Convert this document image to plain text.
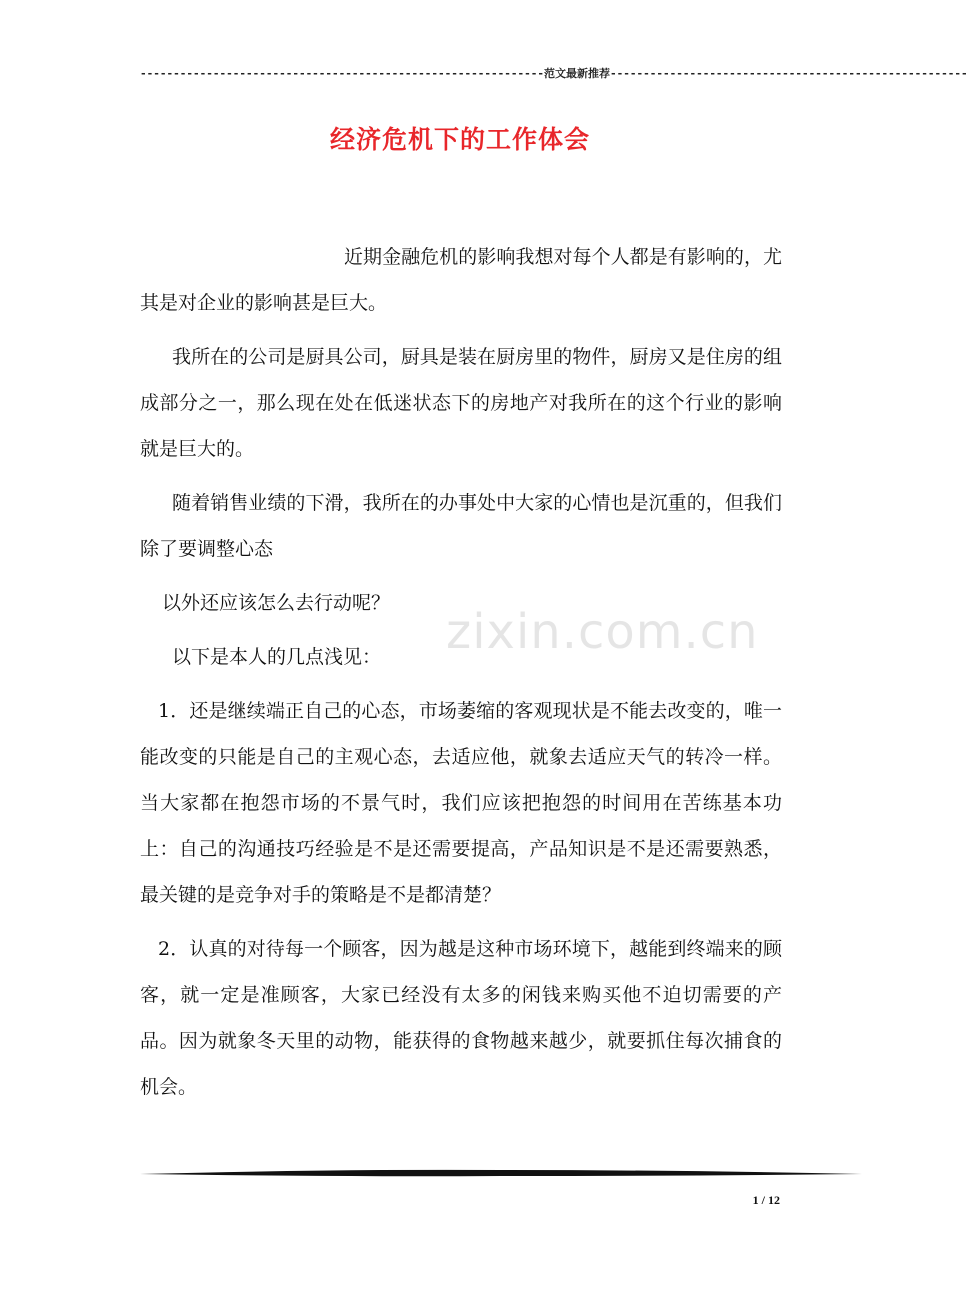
-------------------------------------------------------------范文最新推荐------------------------------------------------------
经济危机下的工作体会

近期金融危机的影响我想对每个人都是有影响的，尤其是对企业的影响甚是巨大。

我所在的公司是厨具公司，厨具是装在厨房里的物件，厨房又是住房的组成部分之一，那么现在处在低迷状态下的房地产对我所在的这个行业的影响就是巨大的。

随着销售业绩的下滑，我所在的办事处中大家的心情也是沉重的，但我们除了要调整心态

以外还应该怎么去行动呢？

以下是本人的几点浅见：

1．还是继续端正自己的心态，市场萎缩的客观现状是不能去改变的，唯一能改变的只能是自己的主观心态，去适应他，就象去适应天气的转冷一样。当大家都在抱怨市场的不景气时，我们应该把抱怨的时间用在苦练基本功上：自己的沟通技巧经验是不是还需要提高，产品知识是不是还需要熟悉，最关键的是竞争对手的策略是不是都清楚？

2．认真的对待每一个顾客，因为越是这种市场环境下，越能到终端来的顾客，就一定是准顾客，大家已经没有太多的闲钱来购买他不迫切需要的产品。因为就象冬天里的动物，能获得的食物越来越少，就要抓住每次捕食的机会。

zixin.com.cn
1 / 12
